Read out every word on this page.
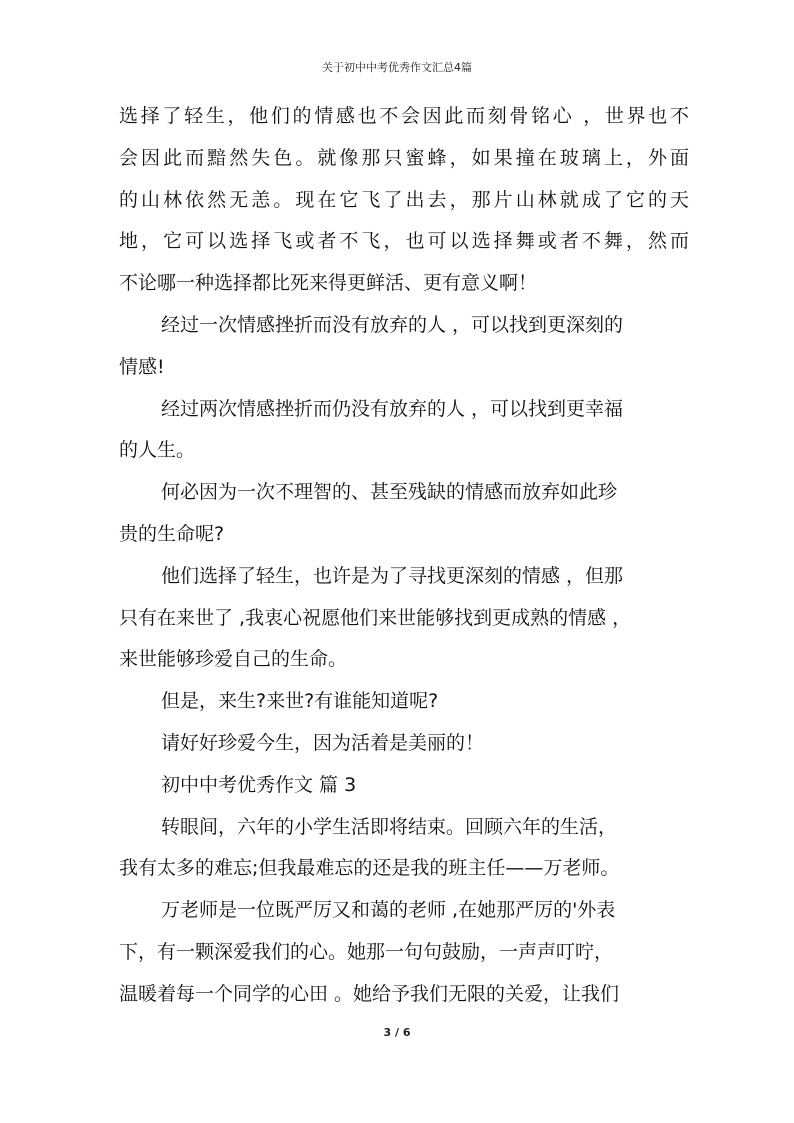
关于初中中考优秀作文汇总4篇
选择了轻生，他们的情感也不会因此而刻骨铭心 ，世界也不
会因此而黯然失色。就像那只蜜蜂，如果撞在玻璃上，外面
的山林依然无恙。现在它飞了出去，那片山林就成了它的天
地，它可以选择飞或者不飞，也可以选择舞或者不舞，然而
不论哪一种选择都比死来得更鲜活、更有意义啊！
经过一次情感挫折而没有放弃的人 ，可以找到更深刻的
情感!
经过两次情感挫折而仍没有放弃的人 ，可以找到更幸福
的人生。
何必因为一次不理智的、甚至残缺的情感而放弃如此珍
贵的生命呢?
他们选择了轻生，也许是为了寻找更深刻的情感 ，但那
只有在来世了 ,我衷心祝愿他们来世能够找到更成熟的情感 ，
来世能够珍爱自己的生命。
但是，来生?来世?有谁能知道呢?
请好好珍爱今生，因为活着是美丽的！
初中中考优秀作文 篇 3
转眼间，六年的小学生活即将结束。回顾六年的生活，
我有太多的难忘;但我最难忘的还是我的班主任——万老师。
万老师是一位既严厉又和蔼的老师 ,在她那严厉的'外表
下，有一颗深爱我们的心。她那一句句鼓励，一声声叮咛，
温暖着每一个同学的心田 。她给予我们无限的关爱，让我们
3 / 6
